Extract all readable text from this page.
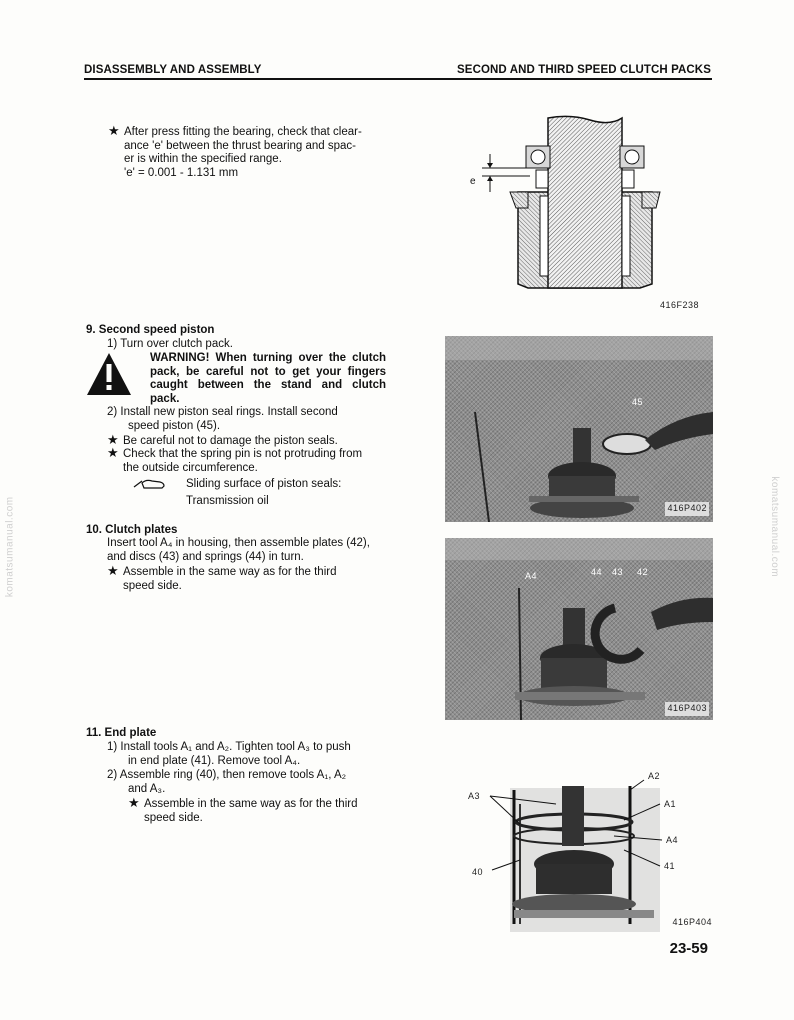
DISASSEMBLY AND ASSEMBLY	SECOND AND THIRD SPEED CLUTCH PACKS
komatsumanual.com	komatsumanual.com
★ After press fitting the bearing, check that clear-
ance 'e' between the thrust bearing and spac-
er is within the specified range.
'e' = 0.001 - 1.131 mm
e
416F238
9. Second speed piston
1) Turn over clutch pack.
WARNING! When turning over the clutch
pack, be careful not to get your fingers
caught between the stand and clutch
pack.
2) Install new piston seal rings. Install second
speed piston (45).
★ Be careful not to damage the piston seals.
★ Check that the spring pin is not protruding from
the outside circumference.
Sliding surface of piston seals:
Transmission oil
10. Clutch plates
Insert tool A₄ in housing, then assemble plates (42),
and discs (43) and springs (44) in turn.
★ Assemble in the same way as for the third
speed side.
11. End plate
1) Install tools A₁ and A₂. Tighten tool A₃ to push
in end plate (41). Remove tool A₄.
2) Assemble ring (40), then remove tools A₁, A₂
and A₃.
★ Assemble in the same way as for the third
speed side.
45
416P402
A4	44 43 42
416P403
A2
A3
A1
A4
41
40
416P404
23-59
